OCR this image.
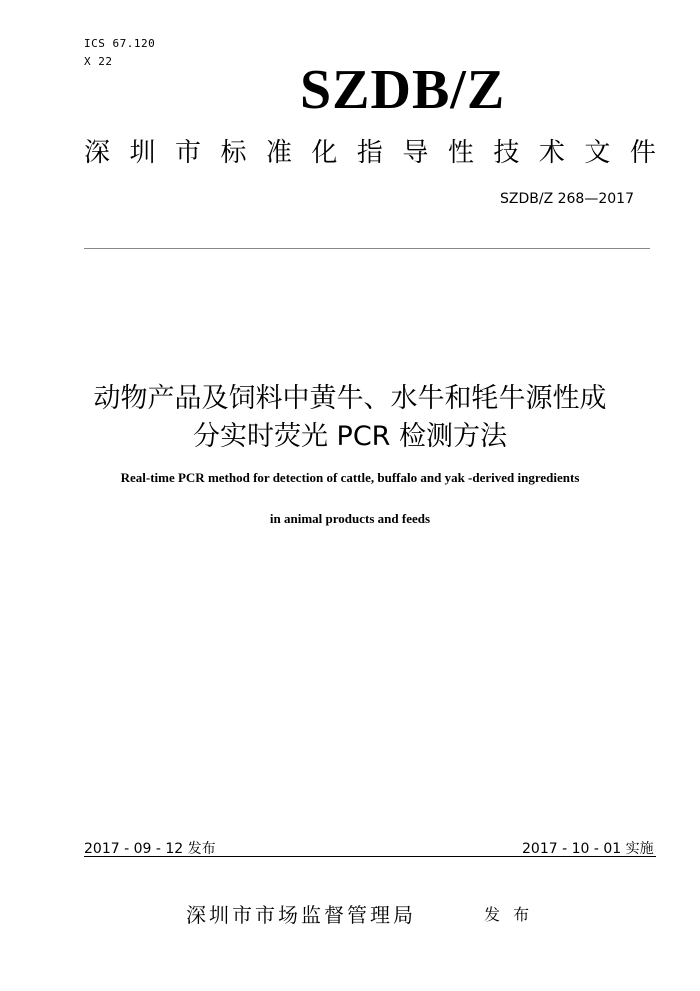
ICS 67.120
X 22	SZDB/Z
深 圳 市 标 准 化 指 导 性 技 术 文 件
SZDB/Z 268—2017
动物产品及饲料中黄牛、水牛和牦牛源性成
分实时荧光 PCR 检测方法
Real-time PCR method for detection of cattle, buffalo and yak -derived ingredients
in animal products and feeds
2017 - 09 - 12 发布	2017 - 10 - 01 实施
深圳市市场监督管理局	发 布
